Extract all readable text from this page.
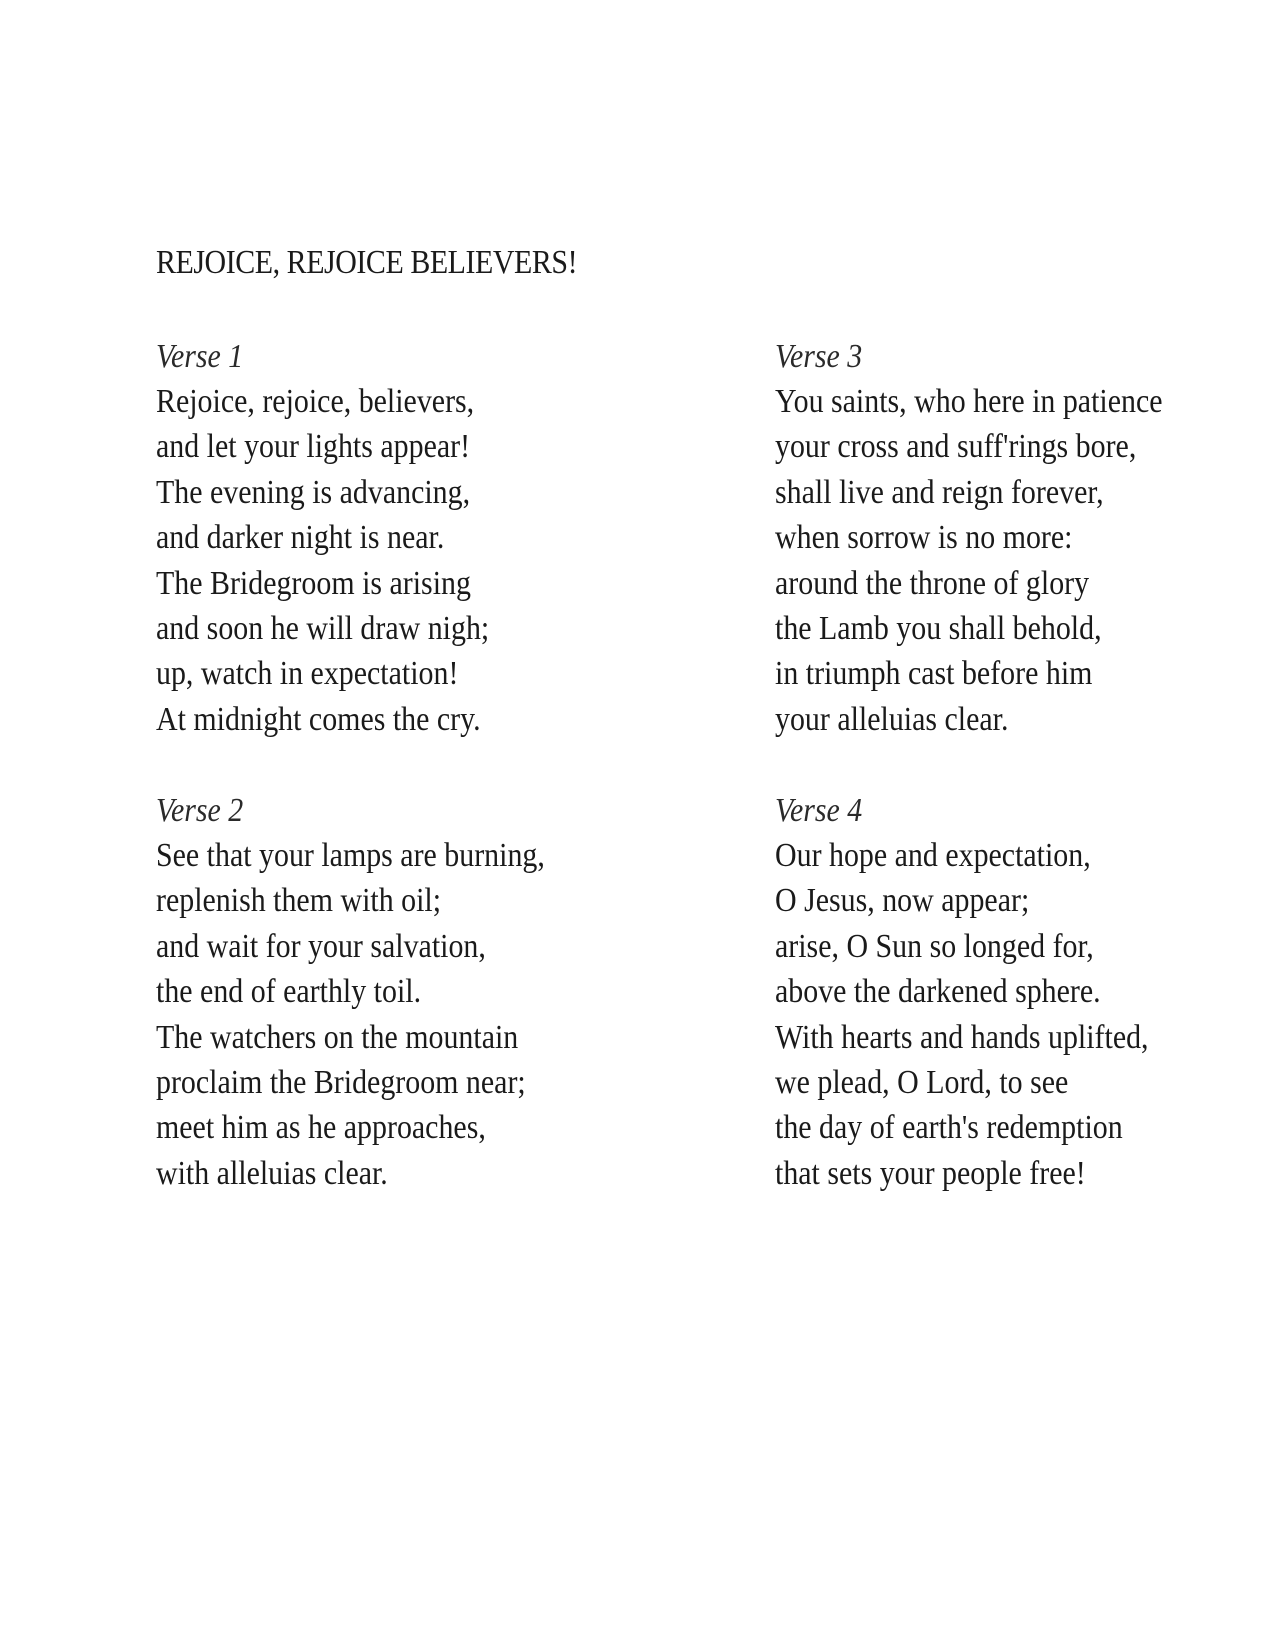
REJOICE, REJOICE BELIEVERS!
Verse 1
Rejoice, rejoice, believers,
and let your lights appear!
The evening is advancing,
and darker night is near.
The Bridegroom is arising
and soon he will draw nigh;
up, watch in expectation!
At midnight comes the cry.
Verse 2
See that your lamps are burning,
replenish them with oil;
and wait for your salvation,
the end of earthly toil.
The watchers on the mountain
proclaim the Bridegroom near;
meet him as he approaches,
with alleluias clear.
Verse 3
You saints, who here in patience
your cross and suff'rings bore,
shall live and reign forever,
when sorrow is no more:
around the throne of glory
the Lamb you shall behold,
in triumph cast before him
your alleluias clear.
Verse 4
Our hope and expectation,
O Jesus, now appear;
arise, O Sun so longed for,
above the darkened sphere.
With hearts and hands uplifted,
we plead, O Lord, to see
the day of earth's redemption
that sets your people free!
